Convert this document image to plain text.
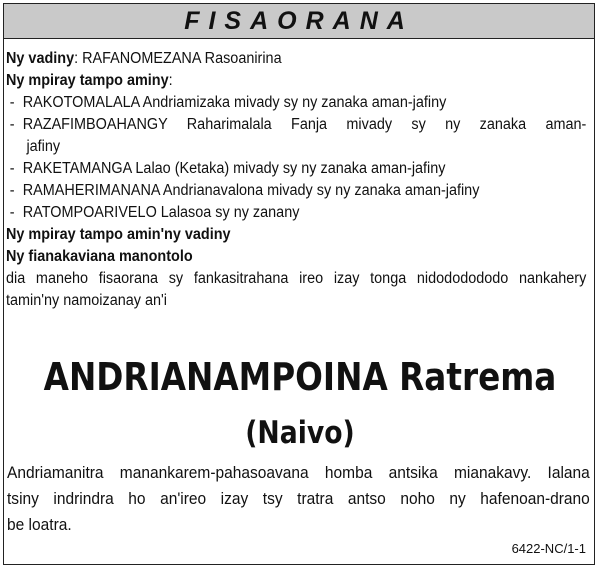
FISAORANA
Ny vadiny: RAFANOMEZANA Rasoanirina
Ny mpiray tampo aminy:
- RAKOTOMALALA Andriamizaka mivady sy ny zanaka aman-jafiny
- RAZAFIMBOAHANGY Raharimalala Fanja mivady sy ny zanaka aman-
jafiny
- RAKETAMANGA Lalao (Ketaka) mivady sy ny zanaka aman-jafiny
- RAMAHERIMANANA Andrianavalona mivady sy ny zanaka aman-jafiny
- RATOMPOARIVELO Lalasoa sy ny zanany
Ny mpiray tampo amin'ny vadiny
Ny fianakaviana manontolo
dia maneho fisaorana sy fankasitrahana ireo izay tonga nidododododo nankahery
tamin'ny namoizanay an'i
ANDRIANAMPOINA Ratrema
(Naivo)
Andriamanitra manankarem-pahasoavana homba antsika mianakavy. Ialana
tsiny indrindra ho an'ireo izay tsy tratra antso noho ny hafenoan-drano
be loatra.
6422-NC/1-1
